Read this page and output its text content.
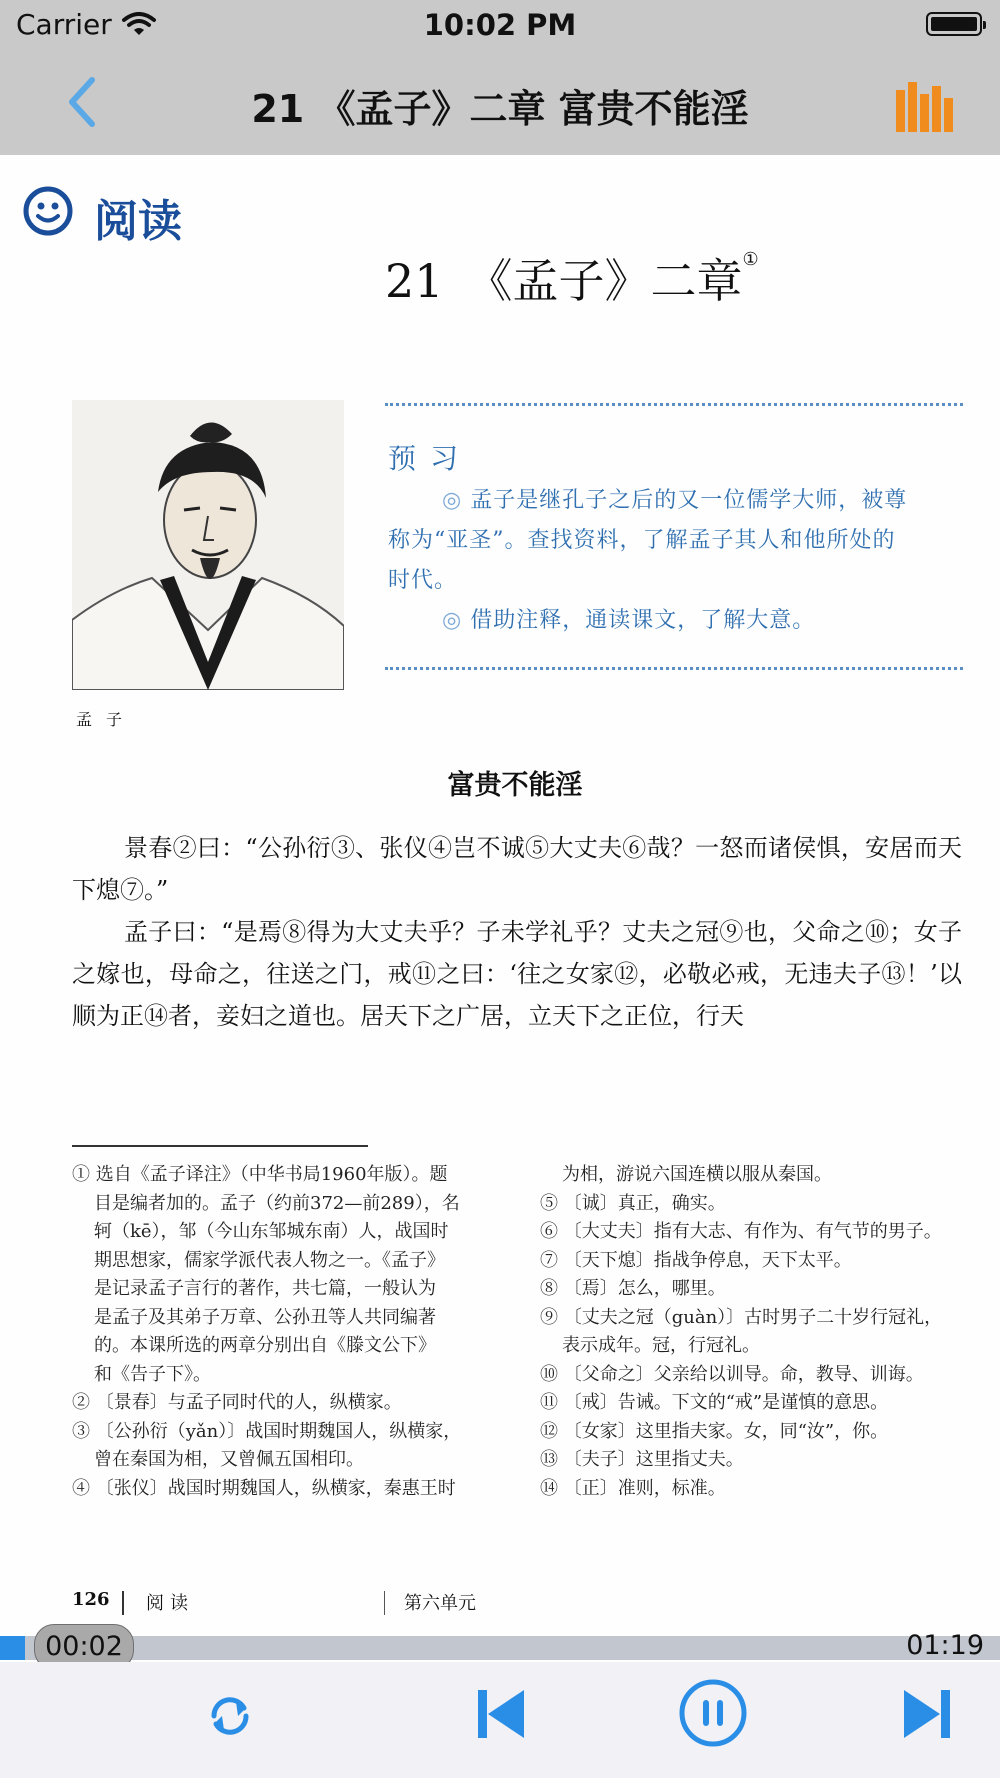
Carrier	10:02 PM
21 《孟子》二章 富贵不能淫
阅读
21　《孟子》二章①
孟子
预习
◎ 孟子是继孔子之后的又一位儒学大师，被尊
称为“亚圣”。查找资料，了解孟子其人和他所处的
时代。
◎ 借助注释，通读课文，了解大意。
富贵不能淫

景春②曰：“公孙衍③、张仪④岂不诚⑤大丈夫⑥哉？一怒而诸侯惧，安居而天下熄⑦。”

孟子曰：“是焉⑧得为大丈夫乎？子未学礼乎？丈夫之冠⑨也，父命之⑩；女子之嫁也，母命之，往送之门，戒⑪之曰：‘往之女家⑫，必敬必戒，无违夫子⑬！’以顺为正⑭者，妾妇之道也。居天下之广居，立天下之正位，行天

① 选自《孟子译注》（中华书局1960年版）。题
目是编者加的。孟子（约前372—前289），名
轲（kē），邹（今山东邹城东南）人，战国时
期思想家，儒家学派代表人物之一。《孟子》
是记录孟子言行的著作，共七篇，一般认为
是孟子及其弟子万章、公孙丑等人共同编著
的。本课所选的两章分别出自《滕文公下》
和《告子下》。
② 〔景春〕与孟子同时代的人，纵横家。
③ 〔公孙衍（yǎn）〕战国时期魏国人，纵横家，
曾在秦国为相，又曾佩五国相印。
④ 〔张仪〕战国时期魏国人，纵横家，秦惠王时
为相，游说六国连横以服从秦国。
⑤ 〔诚〕真正，确实。
⑥ 〔大丈夫〕指有大志、有作为、有气节的男子。
⑦ 〔天下熄〕指战争停息，天下太平。
⑧ 〔焉〕怎么，哪里。
⑨ 〔丈夫之冠（guàn）〕古时男子二十岁行冠礼，
表示成年。冠，行冠礼。
⑩ 〔父命之〕父亲给以训导。命，教导、训诲。
⑪ 〔戒〕告诫。下文的“戒”是谨慎的意思。
⑫ 〔女家〕这里指夫家。女，同“汝”，你。
⑬ 〔夫子〕这里指丈夫。
⑭ 〔正〕准则，标准。
126 阅读	第六单元
00:02	01:19
